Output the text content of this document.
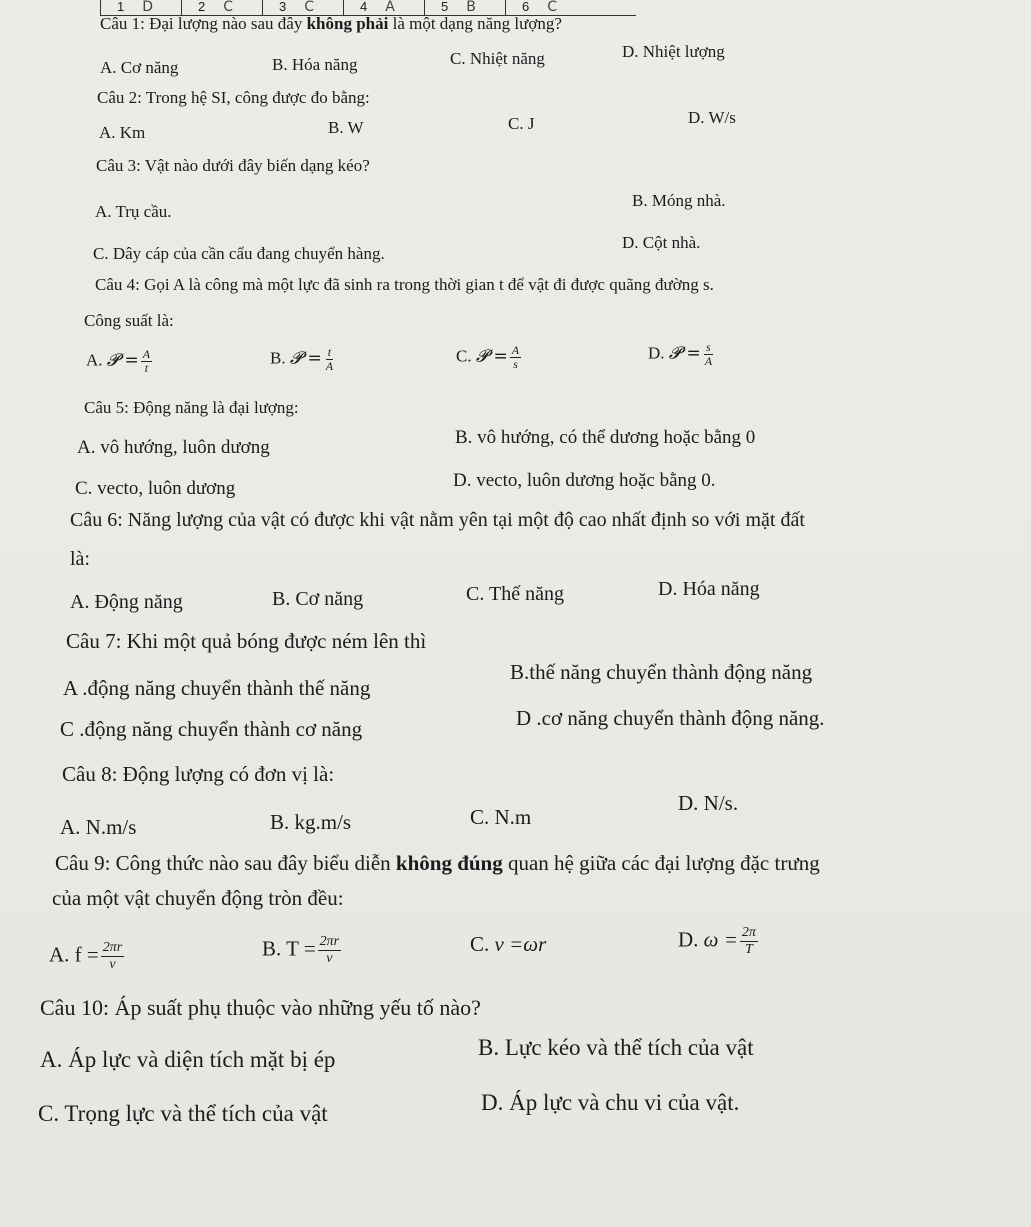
1 D	2 C	3 C	4 A	5 B	6 C
Câu 1: Đại lượng nào sau đây không phải là một dạng năng lượng?
A. Cơ năng	B. Hóa năng	C. Nhiệt năng	D. Nhiệt lượng
Câu 2: Trong hệ SI, công được đo bằng:
A. Km	B. W	C. J	D. W/s
Câu 3: Vật nào dưới đây biến dạng kéo?
A. Trụ cầu.
B. Móng nhà.
C. Dây cáp của cần cẩu đang chuyển hàng.
D. Cột nhà.
Câu 4: Gọi A là công mà một lực đã sinh ra trong thời gian t để vật đi được quãng đường s.
Công suất là:
A. 𝓟 = $\frac{A}{t}$	B. 𝓟 = $\frac{t}{A}$	C. 𝓟 = $\frac{A}{s}$	D. 𝓟 = $\frac{s}{A}$
Câu 5: Động năng là đại lượng:
A. vô hướng, luôn dương	B. vô hướng, có thể dương hoặc bằng 0
C. vecto, luôn dương	D. vecto, luôn dương hoặc bằng 0.
Câu 6: Năng lượng của vật có được khi vật nằm yên tại một độ cao nhất định so với mặt đất
là:
A. Động năng	B. Cơ năng	C. Thế năng	D. Hóa năng
Câu 7: Khi một quả bóng được ném lên thì
A .động năng chuyển thành thế năng
B.thế năng chuyển thành động năng
C .động năng chuyển thành cơ năng	D .cơ năng chuyển thành động năng.
Câu 8: Động lượng có đơn vị là:
A. N.m/s	B. kg.m/s	C. N.m
D. N/s.
Câu 9: Công thức nào sau đây biểu diễn không đúng quan hệ giữa các đại lượng đặc trưng
của một vật chuyển động tròn đều:
A. $f = \frac{2\pi r}{v}$	B. $T = \frac{2\pi r}{v}$	C. v =ωr	D. $\omega = \frac{2\pi}{T}$
Câu 10: Áp suất phụ thuộc vào những yếu tố nào?
A. Áp lực và diện tích mặt bị ép	B. Lực kéo và thể tích của vật
C. Trọng lực và thể tích của vật	D. Áp lực và chu vi của vật.
